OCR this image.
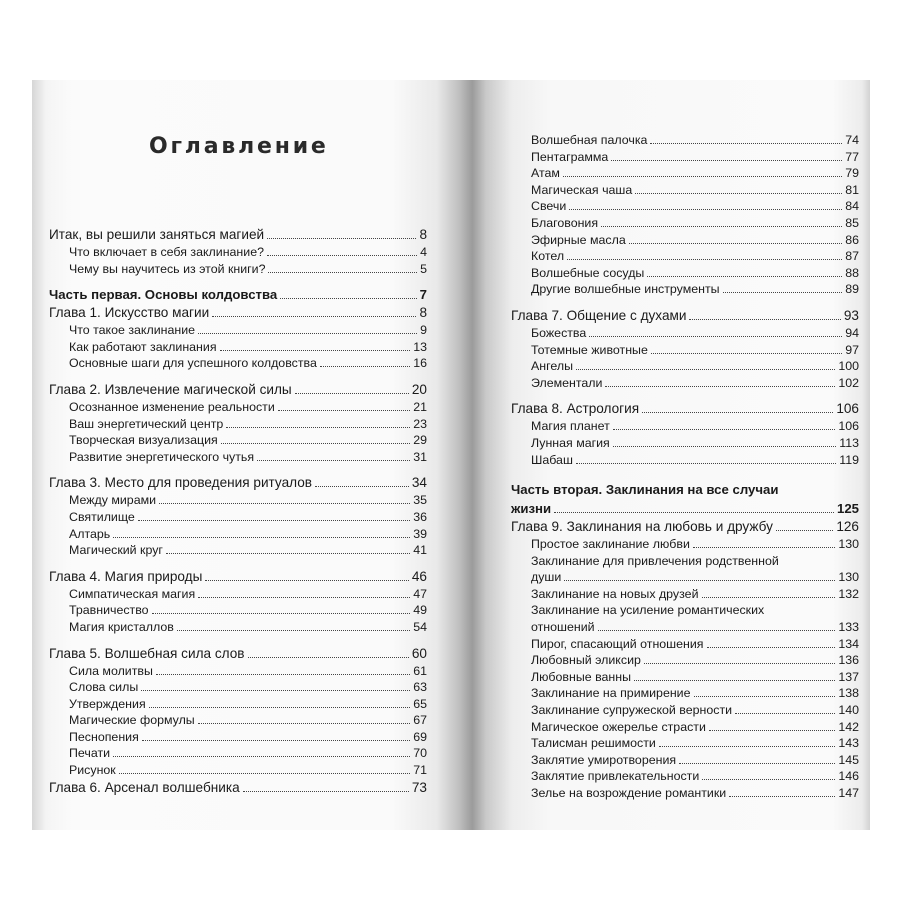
Оглавление
Итак, вы решили заняться магией	8
Что включает в себя заклинание?	4
Чему вы научитесь из этой книги?	5
Часть первая. Основы колдовства	7
Глава 1. Искусство магии	8
Что такое заклинание	9
Как работают заклинания	13
Основные шаги для успешного колдовства	16
Глава 2. Извлечение магической силы	20
Осознанное изменение реальности	21
Ваш энергетический центр	23
Творческая визуализация	29
Развитие энергетического чутья	31
Глава 3. Место для проведения ритуалов	34
Между мирами	35
Святилище	36
Алтарь	39
Магический круг	41
Глава 4. Магия природы	46
Симпатическая магия	47
Травничество	49
Магия кристаллов	54
Глава 5. Волшебная сила слов	60
Сила молитвы	61
Слова силы	63
Утверждения	65
Магические формулы	67
Песнопения	69
Печати	70
Рисунок	71
Глава 6. Арсенал волшебника	73
Волшебная палочка	74
Пентаграмма	77
Атам	79
Магическая чаша	81
Свечи	84
Благовония	85
Эфирные масла	86
Котел	87
Волшебные сосуды	88
Другие волшебные инструменты	89
Глава 7. Общение с духами	93
Божества	94
Тотемные животные	97
Ангелы	100
Элементали	102
Глава 8. Астрология	106
Магия планет	106
Лунная магия	113
Шабаш	119
Часть вторая. Заклинания на все случаи
жизни	125
Глава 9. Заклинания на любовь и дружбу	126
Простое заклинание любви	130
Заклинание для привлечения родственной
души	130
Заклинание на новых друзей	132
Заклинание на усиление романтических
отношений	133
Пирог, спасающий отношения	134
Любовный эликсир	136
Любовные ванны	137
Заклинание на примирение	138
Заклинание супружеской верности	140
Магическое ожерелье страсти	142
Талисман решимости	143
Заклятие умиротворения	145
Заклятие привлекательности	146
Зелье на возрождение романтики	147
